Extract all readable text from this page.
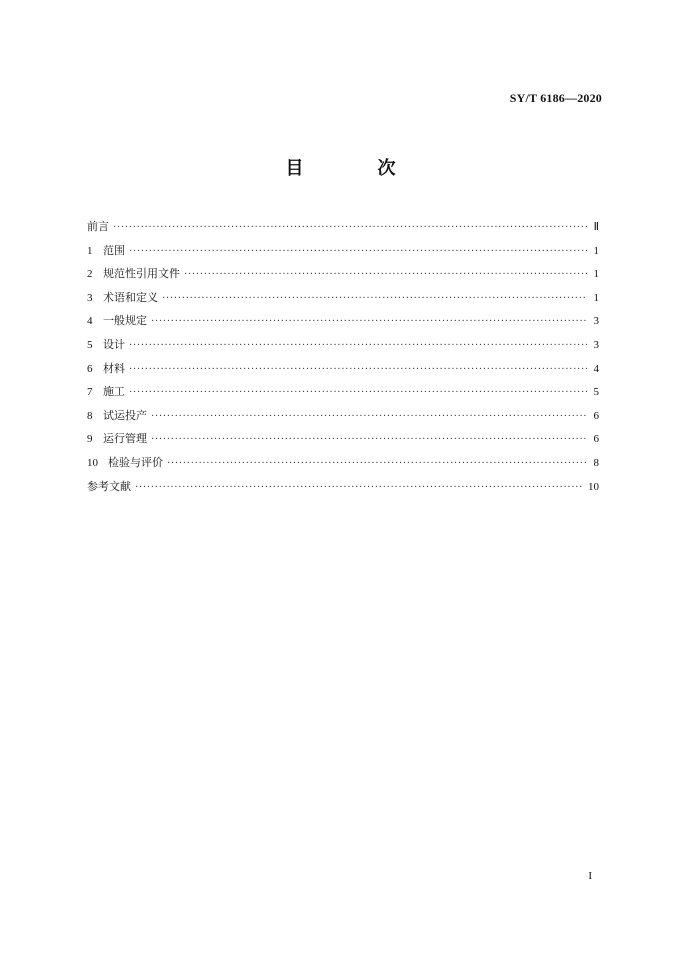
SY/T 6186—2020
目　次
前言 ·····	Ⅱ
1 范围 ·····	1
2 规范性引用文件 ·····	1
3 术语和定义 ·····	1
4 一般规定 ·····	3
5 设计 ·····	3
6 材料 ·····	4
7 施工 ·····	5
8 试运投产 ·····	6
9 运行管理 ·····	6
10 检验与评价 ·····	8
参考文献 ·····	10
I
